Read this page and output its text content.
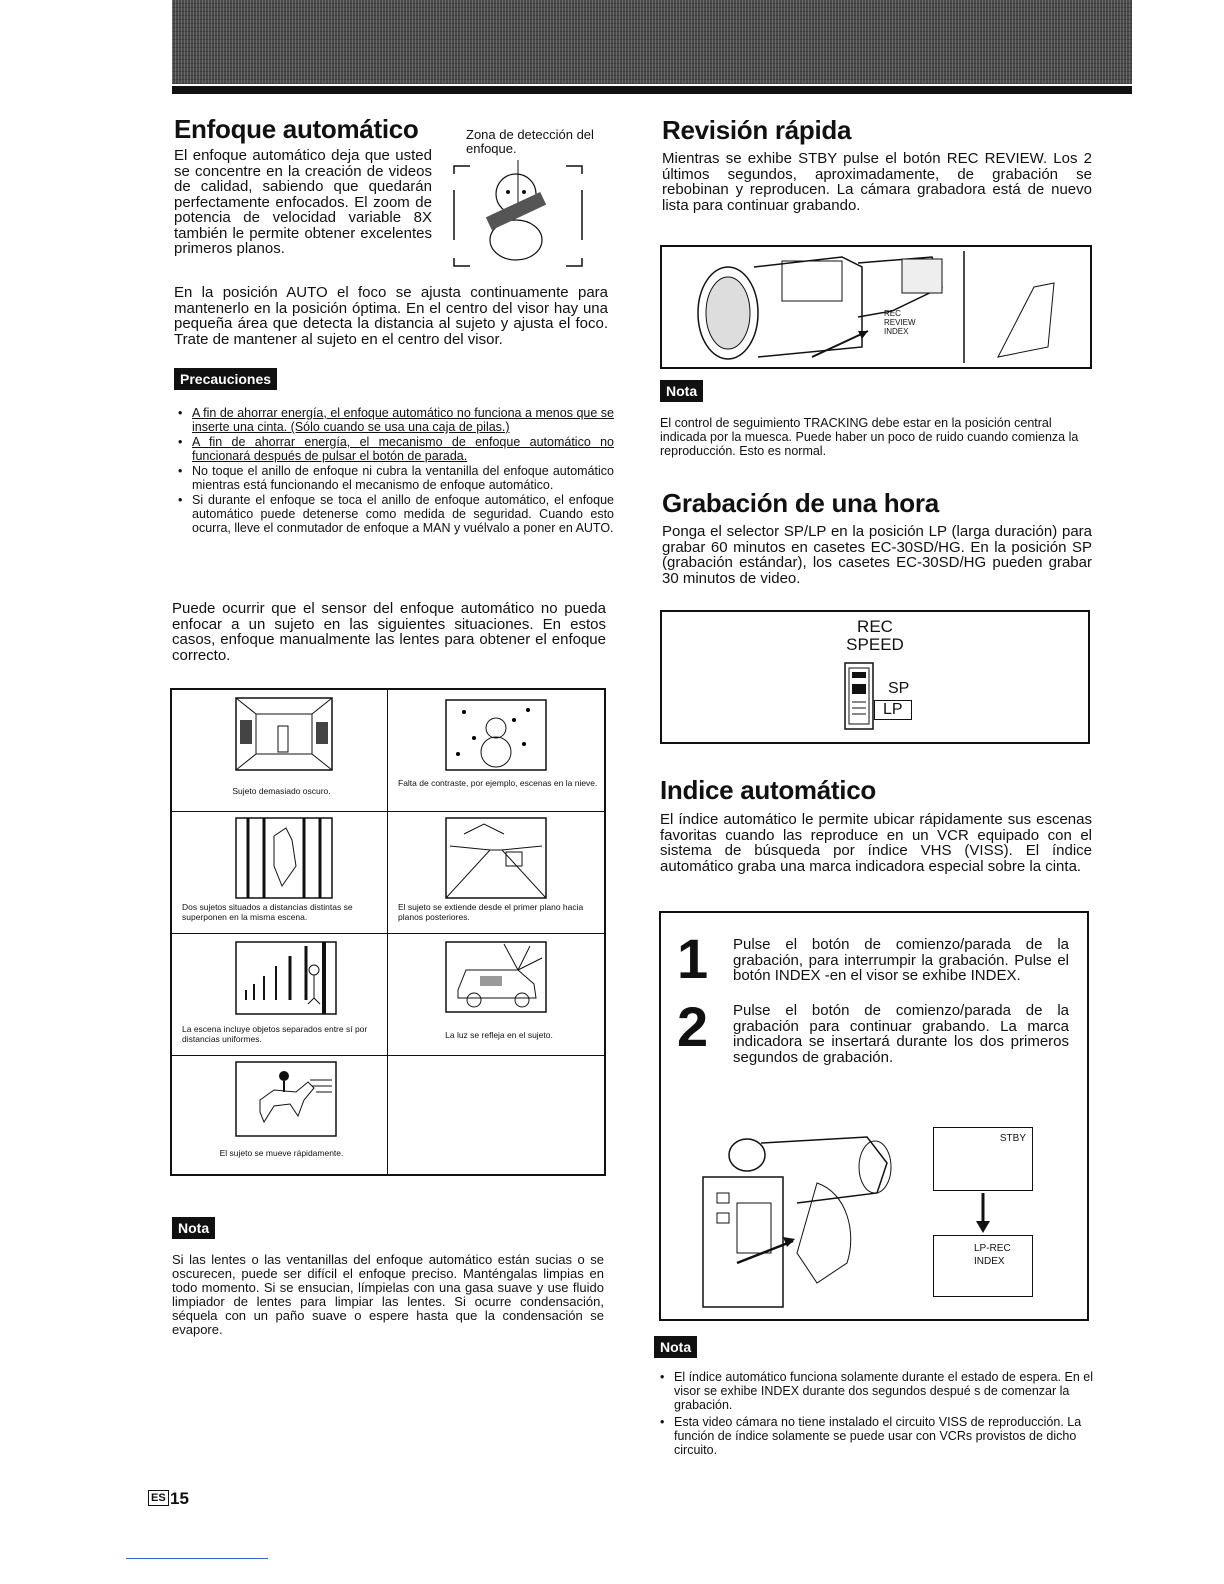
Enfoque automático
El enfoque automático deja que usted se concentre en la creación de videos de calidad, sabiendo que quedarán perfectamente enfocados. El zoom de potencia de velocidad variable 8X también le permite obtener excelentes primeros planos.
Zona de detección del enfoque.
En la posición AUTO el foco se ajusta continuamente para mantenerlo en la posición óptima. En el centro del visor hay una pequeña área que detecta la distancia al sujeto y ajusta el foco. Trate de mantener al sujeto en el centro del visor.
Precauciones
• A fin de ahorrar energía, el enfoque automático no funciona a menos que se inserte una cinta. (Sólo cuando se usa una caja de pilas.)
• A fin de ahorrar energía, el mecanismo de enfoque automático no funcionará después de pulsar el botón de parada.
• No toque el anillo de enfoque ni cubra la ventanilla del enfoque automático mientras está funcionando el mecanismo de enfoque automático.
• Si durante el enfoque se toca el anillo de enfoque automático, el enfoque automático puede detenerse como medida de seguridad. Cuando esto ocurra, lleve el conmutador de enfoque a MAN y vuélvalo a poner en AUTO.
Puede ocurrir que el sensor del enfoque automático no pueda enfocar a un sujeto en las siguientes situaciones. En estos casos, enfoque manualmente las lentes para obtener el enfoque correcto.
Sujeto demasiado oscuro.
Falta de contraste, por ejemplo, escenas en la nieve.
Dos sujetos situados a distancias distintas se superponen en la misma escena.
El sujeto se extiende desde el primer plano hacia planos posteriores.
La escena incluye objetos separados entre sí por distancias uniformes.	La luz se refleja en el sujeto.
El sujeto se mueve rápidamente.
Nota
Si las lentes o las ventanillas del enfoque automático están sucias o se oscurecen, puede ser difícil el enfoque preciso. Manténgalas limpias en todo momento. Si se ensucian, límpielas con una gasa suave y use fluido limpiador de lentes para limpiar las lentes. Si ocurre condensación, séquela con un paño suave o espere hasta que la condensación se evapore.
Revisión rápida
Mientras se exhibe STBY pulse el botón REC REVIEW. Los 2 últimos segundos, aproximadamente, de grabación se rebobinan y reproducen. La cámara grabadora está de nuevo lista para continuar grabando.
REC
REVIEW
INDEX
Nota
El control de seguimiento TRACKING debe estar en la posición central indicada por la muesca. Puede haber un poco de ruido cuando comienza la reproducción. Esto es normal.
Grabación de una hora
Ponga el selector SP/LP en la posición LP (larga duración) para grabar 60 minutos en casetes EC-30SD/HG. En la posición SP (grabación estándar), los casetes EC-30SD/HG pueden grabar 30 minutos de video.
REC
SPEED
SP
LP
Indice automático
El índice automático le permite ubicar rápidamente sus escenas favoritas cuando las reproduce en un VCR equipado con el sistema de búsqueda por índice VHS (VISS). El índice automático graba una marca indicadora especial sobre la cinta.
1 Pulse el botón de comienzo/parada de la grabación, para interrumpir la grabación. Pulse el botón INDEX -en el visor se exhibe INDEX.
2 Pulse el botón de comienzo/parada de la grabación para continuar grabando. La marca indicadora se insertará durante los dos primeros segundos de grabación.
STBY
LP-REC
INDEX
Nota
• El índice automático funciona solamente durante el estado de espera. En el visor se exhibe INDEX durante dos segundos despué s de comenzar la grabación.
• Esta video cámara no tiene instalado el circuito VISS de reproducción. La función de índice solamente se puede usar con VCRs provistos de dicho circuito.
ES 15
